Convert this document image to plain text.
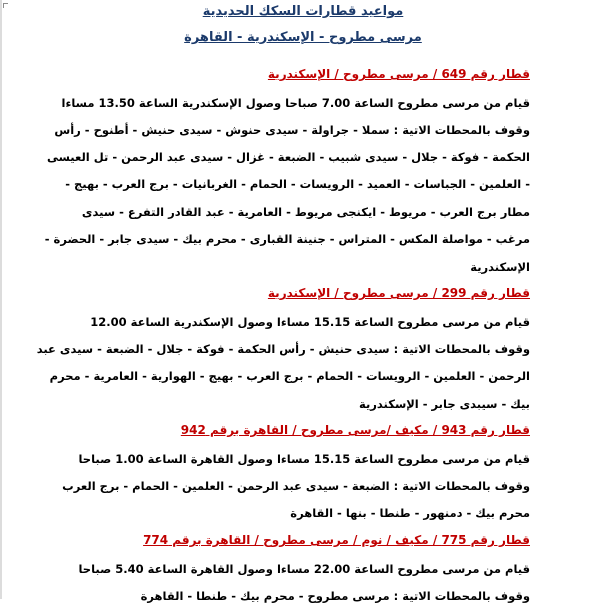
مواعيد قطارات السكك الحديدية
مرسى مطروح - الإسكندرية - القاهرة
قطار رقم 649 / مرسى مطروح / الإسكندرية
قيام من مرسى مطروح الساعة 7.00 صباحا وصول الإسكندرية الساعة 13.50 مساءا
وقوف بالمحطات الاتية : سملا - جراولة - سيدى حنوش - سيدى حنيش - أطنوح - رأس
الحكمة - فوكة - جلال - سيدى شبيب - الضبعة - غزال - سيدى عبد الرحمن - تل العيسى
- العلمين - الجباسات - العميد - الرويسات - الحمام - الغربانيات - برج العرب - بهيج -
مطار برج العرب - مريوط - ايكنجى مريوط - العامرية - عبد القادر التفرع - سيدى
مرغب - مواصلة المكس - المتراس - جنينة القبارى - محرم بيك - سيدى جابر - الحضرة -
الإسكندرية
قطار رقم 299 / مرسى مطروح / الإسكندرية
قيام من مرسى مطروح الساعة 15.15 مساءا وصول الإسكندرية الساعة 12.00
وقوف بالمحطات الاتية : سيدى حنيش - رأس الحكمة - فوكة - جلال - الضبعة - سيدى عبد
الرحمن - العلمين - الرويسات - الحمام - برج العرب - بهيج - الهوارية - العامرية - محرم
بيك - سيبدى جابر - الإسكندرية
قطار رقم 943 / مكيف /مرسى مطروح / القاهرة برقم 942
قيام من مرسى مطروح الساعة 15.15 مساءا وصول القاهرة الساعة 1.00 صباحا
وقوف بالمحطات الاتية : الضبعة - سيدى عبد الرحمن - العلمين - الحمام - برج العرب
محرم بيك - دمنهور - طنطا - بنها - القاهرة
قطار رقم 775 / مكيف / نوم / مرسى مطروح / القاهرة برقم 774
قيام من مرسى مطروح الساعة 22.00 مساءا وصول القاهرة الساعة 5.40 صباحا
وقوف بالمحطات الاتية : مرسى مطروح - محرم بيك - طنطا - القاهرة
